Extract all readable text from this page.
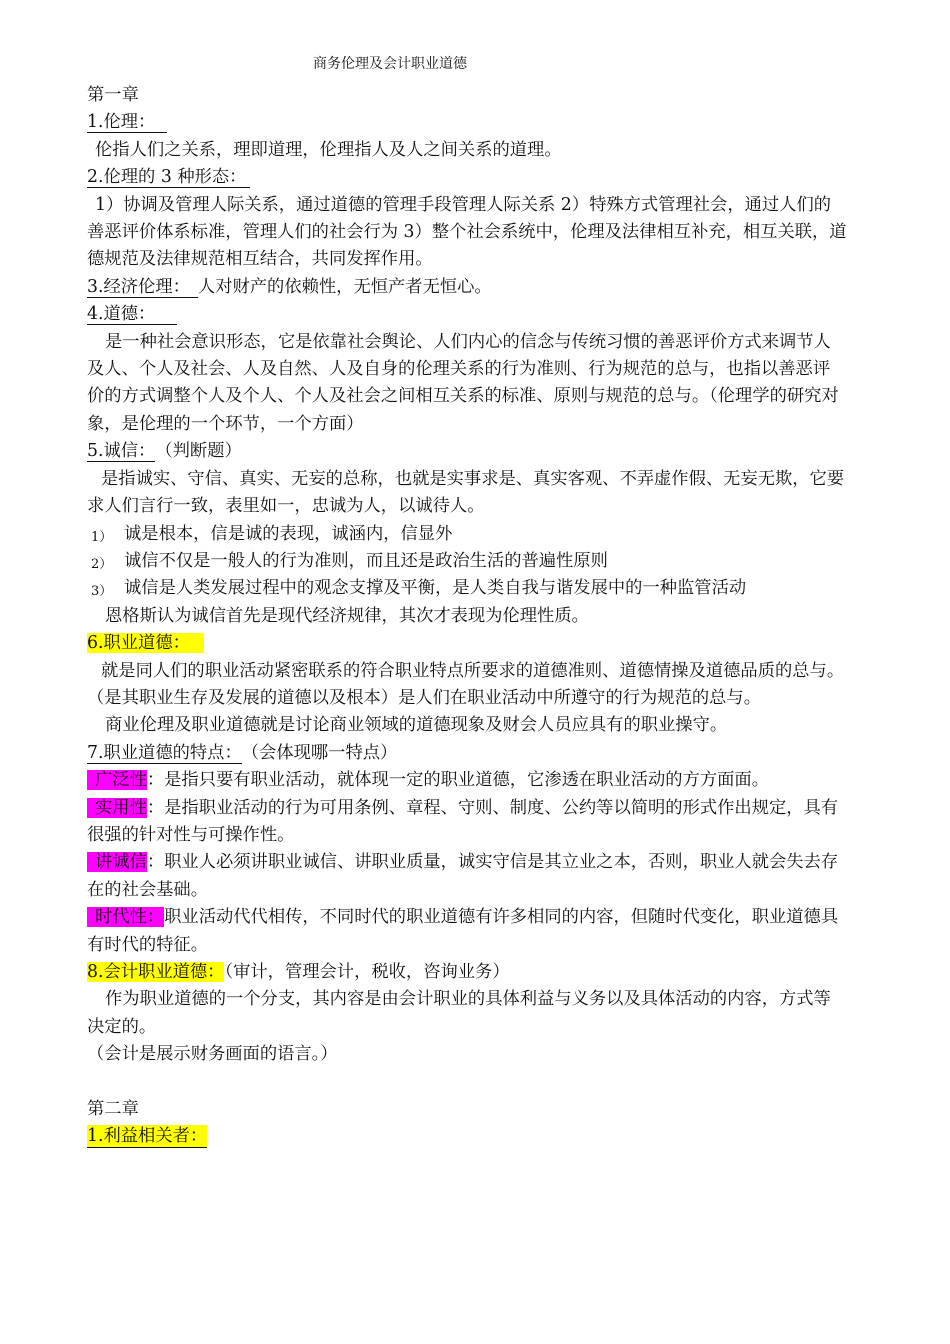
商务伦理及会计职业道德
第一章
1.伦理：
伦指人们之关系，理即道理，伦理指人及人之间关系的道理。
2.伦理的 3 种形态：
1）协调及管理人际关系，通过道德的管理手段管理人际关系 2）特殊方式管理社会，通过人们的善恶评价体系标准，管理人们的社会行为 3）整个社会系统中，伦理及法律相互补充，相互关联，道德规范及法律规范相互结合，共同发挥作用。
3.经济伦理： 人对财产的依赖性，无恒产者无恒心。
4.道德：
是一种社会意识形态，它是依靠社会舆论、人们内心的信念与传统习惯的善恶评价方式来调节人及人、个人及社会、人及自然、人及自身的伦理关系的行为准则、行为规范的总与，也指以善恶评价的方式调整个人及个人、个人及社会之间相互关系的标准、原则与规范的总与。（伦理学的研究对象，是伦理的一个环节，一个方面）
5.诚信：（判断题）
是指诚实、守信、真实、无妄的总称，也就是实事求是、真实客观、不弄虚作假、无妄无欺，它要求人们言行一致，表里如一，忠诚为人，以诚待人。
1） 诚是根本，信是诚的表现，诚涵内，信显外
2） 诚信不仅是一般人的行为准则，而且还是政治生活的普遍性原则
3） 诚信是人类发展过程中的观念支撑及平衡，是人类自我与谐发展中的一种监管活动
恩格斯认为诚信首先是现代经济规律，其次才表现为伦理性质。
6.职业道德：
就是同人们的职业活动紧密联系的符合职业特点所要求的道德准则、道德情操及道德品质的总与。（是其职业生存及发展的道德以及根本）是人们在职业活动中所遵守的行为规范的总与。
商业伦理及职业道德就是讨论商业领域的道德现象及财会人员应具有的职业操守。
7.职业道德的特点：（会体现哪一特点）
广泛性：是指只要有职业活动，就体现一定的职业道德，它渗透在职业活动的方方面面。
实用性：是指职业活动的行为可用条例、章程、守则、制度、公约等以简明的形式作出规定，具有很强的针对性与可操作性。
讲诚信：职业人必须讲职业诚信、讲职业质量，诚实守信是其立业之本，否则，职业人就会失去存在的社会基础。
时代性：职业活动代代相传，不同时代的职业道德有许多相同的内容，但随时代变化，职业道德具有时代的特征。
8.会计职业道德：（审计，管理会计，税收，咨询业务）
作为职业道德的一个分支，其内容是由会计职业的具体利益与义务以及具体活动的内容，方式等决定的。
（会计是展示财务画面的语言。）
第二章
1.利益相关者：
